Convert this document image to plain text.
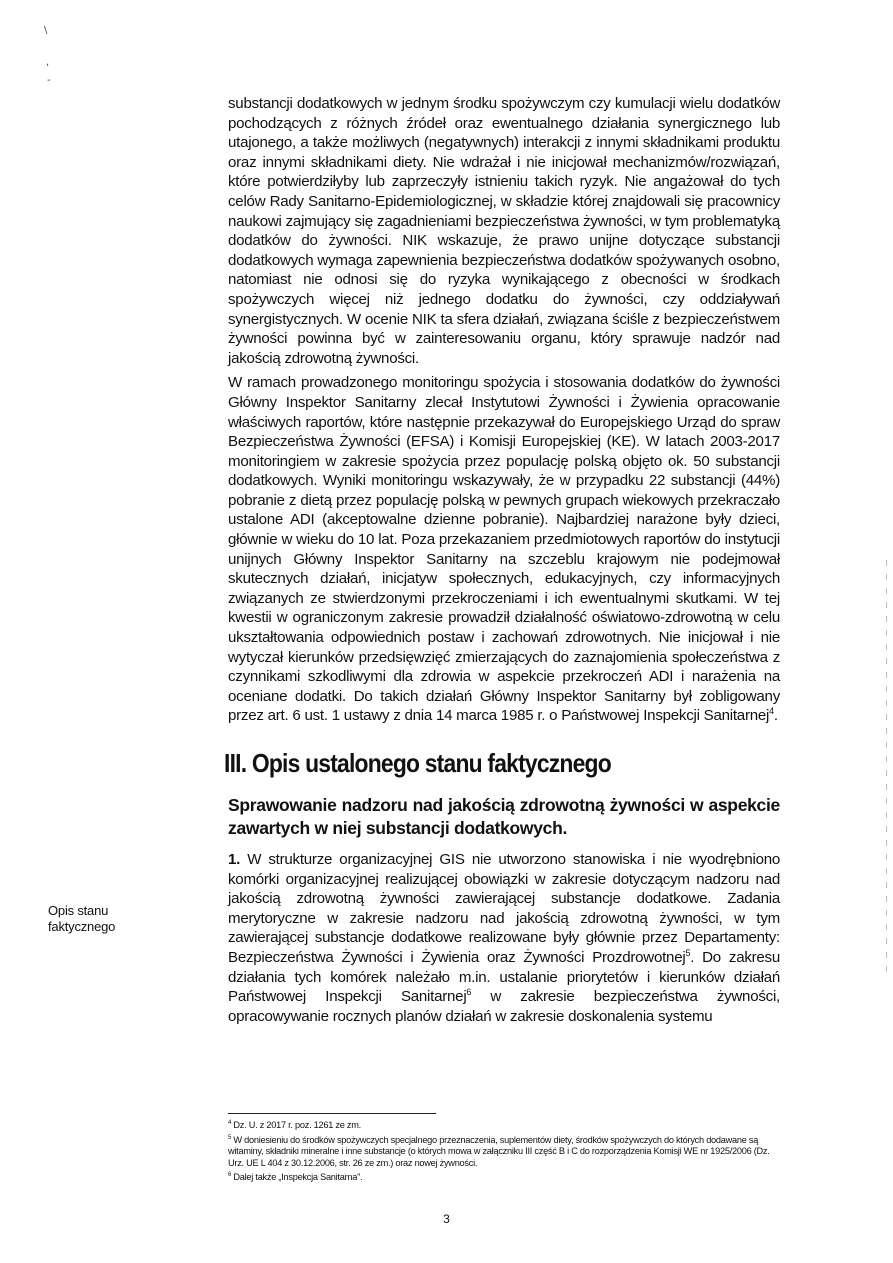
\
,
-
Opis stanu faktycznego

substancji dodatkowych w jednym środku spożywczym czy kumulacji wielu dodatków pochodzących z różnych źródeł oraz ewentualnego działania synergicznego lub utajonego, a także możliwych (negatywnych) interakcji z innymi składnikami produktu oraz innymi składnikami diety. Nie wdrażał i nie inicjował mechanizmów/rozwiązań, które potwierdziłyby lub zaprzeczyły istnieniu takich ryzyk. Nie angażował do tych celów Rady Sanitarno-Epidemiologicznej, w składzie której znajdowali się pracownicy naukowi zajmujący się zagadnieniami bezpieczeństwa żywności, w tym problematyką dodatków do żywności. NIK wskazuje, że prawo unijne dotyczące substancji dodatkowych wymaga zapewnienia bezpieczeństwa dodatków spożywanych osobno, natomiast nie odnosi się do ryzyka wynikającego z obecności w środkach spożywczych więcej niż jednego dodatku do żywności, czy oddziaływań synergistycznych. W ocenie NIK ta sfera działań, związana ściśle z bezpieczeństwem żywności powinna być w zainteresowaniu organu, który sprawuje nadzór nad jakością zdrowotną żywności.

W ramach prowadzonego monitoringu spożycia i stosowania dodatków do żywności Główny Inspektor Sanitarny zlecał Instytutowi Żywności i Żywienia opracowanie właściwych raportów, które następnie przekazywał do Europejskiego Urząd do spraw Bezpieczeństwa Żywności (EFSA) i Komisji Europejskiej (KE). W latach 2003-2017 monitoringiem w zakresie spożycia przez populację polską objęto ok. 50 substancji dodatkowych. Wyniki monitoringu wskazywały, że w przypadku 22 substancji (44%) pobranie z dietą przez populację polską w pewnych grupach wiekowych przekraczało ustalone ADI (akceptowalne dzienne pobranie). Najbardziej narażone były dzieci, głównie w wieku do 10 lat. Poza przekazaniem przedmiotowych raportów do instytucji unijnych Główny Inspektor Sanitarny na szczeblu krajowym nie podejmował skutecznych działań, inicjatyw społecznych, edukacyjnych, czy informacyjnych związanych ze stwierdzonymi przekroczeniami i ich ewentualnymi skutkami. W tej kwestii w ograniczonym zakresie prowadził działalność oświatowo-zdrowotną w celu ukształtowania odpowiednich postaw i zachowań zdrowotnych. Nie inicjował i nie wytyczał kierunków przedsięwzięć zmierzających do zaznajomienia społeczeństwa z czynnikami szkodliwymi dla zdrowia w aspekcie przekroczeń ADI i narażenia na oceniane dodatki. Do takich działań Główny Inspektor Sanitarny był zobligowany przez art. 6 ust. 1 ustawy z dnia 14 marca 1985 r. o Państwowej Inspekcji Sanitarnej$^4$.

III. Opis ustalonego stanu faktycznego
Sprawowanie nadzoru nad jakością zdrowotną żywności w aspekcie zawartych w niej substancji dodatkowych.

1. W strukturze organizacyjnej GIS nie utworzono stanowiska i nie wyodrębniono komórki organizacyjnej realizującej obowiązki w zakresie dotyczącym nadzoru nad jakością zdrowotną żywności zawierającej substancje dodatkowe. Zadania merytoryczne w zakresie nadzoru nad jakością zdrowotną żywności, w tym zawierającej substancje dodatkowe realizowane były głównie przez Departamenty: Bezpieczeństwa Żywności i Żywienia oraz Żywności Prozdrowotnej$^5$. Do zakresu działania tych komórek należało m.in. ustalanie priorytetów i kierunków działań Państwowej Inspekcji Sanitarnej$^6$ w zakresie bezpieczeństwa żywności, opracowywanie rocznych planów działań w zakresie doskonalenia systemu

$^4$ Dz. U. z 2017 r. poz. 1261 ze zm.

$^5$ W doniesieniu do środków spożywczych specjalnego przeznaczenia, suplementów diety, środków spożywczych do których dodawane są witaminy, składniki mineralne i inne substancje (o których mowa w załączniku III część B i C do rozporządzenia Komisji WE nr 1925/2006 (Dz. Urz. UE L 404 z 30.12.2006, str. 26 ze zm.) oraz nowej żywności.

$^6$ Dalej także „Inspekcja Sanitarna".

3
